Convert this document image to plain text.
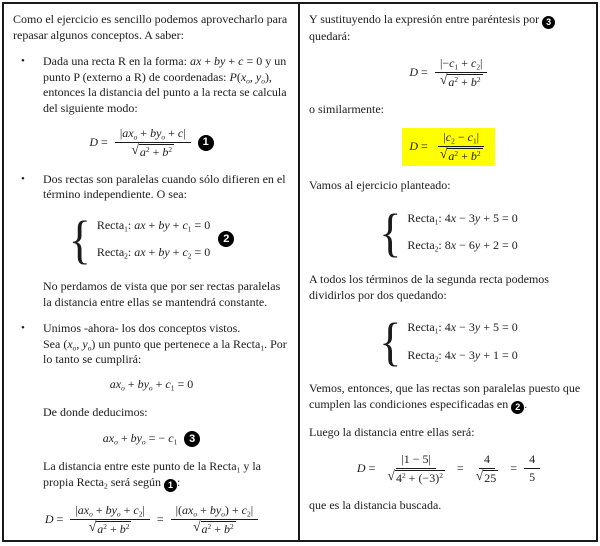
Como el ejercicio es sencillo podemos aprovecharlo para repasar algunos conceptos. A saber:

•	Dada una recta R en la forma: ax + by + c = 0 y un punto P (externo a R) de coordenadas: $P(x_o$, $y_o$), entonces la distancia del punto a la recta se calcula del siguiente modo:
$D = \frac{|ax_o + by_o + c|}{√ a^2 + b^2}$	1
•	Dos rectas son paralelas cuando sólo difieren en el término independiente. O sea:
{ Recta$_1$: ax + by + $c_1 = 0$
Recta$_2$: ax + by + $c_2 = 0$
2

No perdamos de vista que por ser rectas paralelas la distancia entre ellas se mantendrá constante.

•	Unimos -ahora- los dos conceptos vistos.
Sea ($x_o$, $y_o$) un punto que pertenece a la Recta$_1$. Por lo tanto se cumplirá:
$ax_o + by_o + c_1 = 0$

De donde deducimos:

$ax_o + by_o$ = − $c_1$	3

La distancia entre este punto de la Recta$_1$ y la propia Recta$_2$ será según 1 :

$D = \frac{|ax_o + by_o + c_2|}{√ a^2 + b^2} = \frac{|(ax_o + by_o) + c_2|}{√ a^2 + b^2}$

Y sustituyendo la expresión entre paréntesis por 3 quedará:

$D = \frac{|-c_1 + c_2|}{√ a^2 + b^2}$

o similarmente:

$D = \frac{|c_2 - c_1|}{√ a^2 + b^2}$

Vamos al ejercicio planteado:

{ Recta$_1$: 4x − 3y + 5 = 0
Recta$_2$: 8x − 6y + 2 = 0

A todos los términos de la segunda recta podemos dividirlos por dos quedando:

{ Recta$_1$: 4x − 3y + 5 = 0
Recta$_2$: 4x − 3y + 1 = 0

Vemos, entonces, que las rectas son paralelas puesto que cumplen las condiciones especificadas en 2 .

Luego la distancia entre ellas será:

$D = \frac{|1 - 5|}{√ 4^2 + (-3)^2} = \frac{4}{√ 25} = \frac{4}{5}$

que es la distancia buscada.
